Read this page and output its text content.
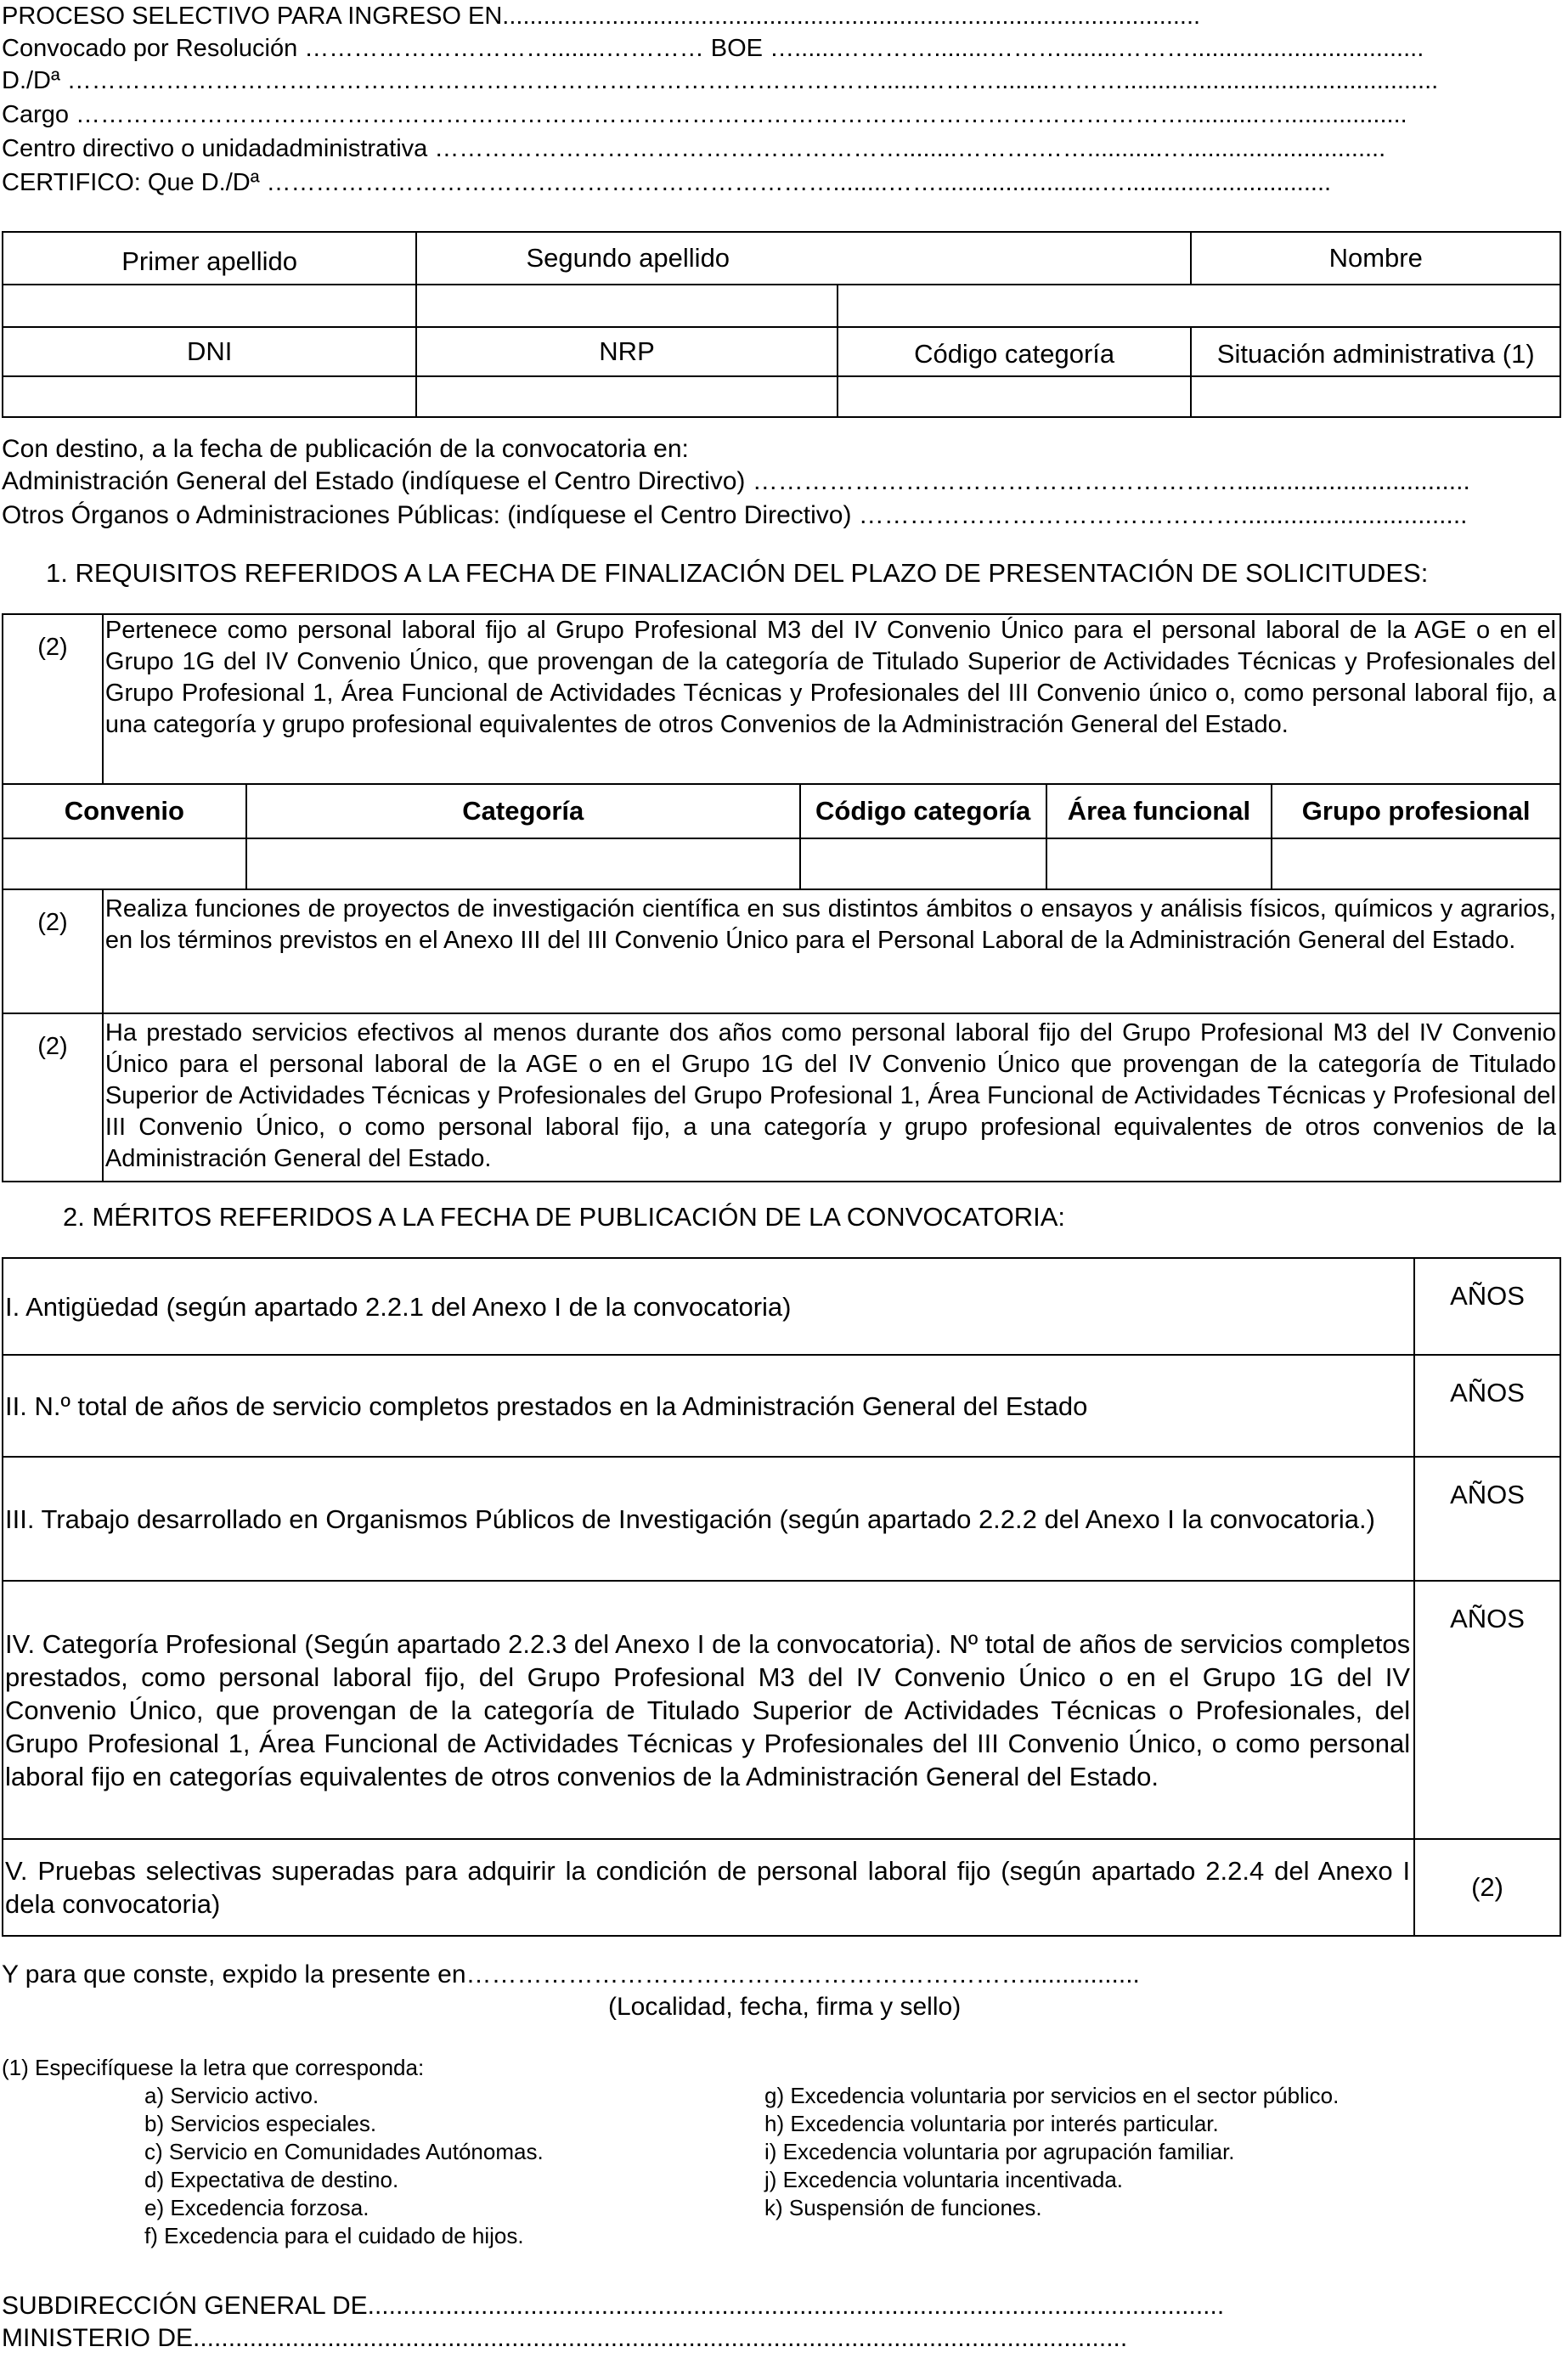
PROCESO SELECTIVO PARA INGRESO EN......................................................................................................
Convocado por Resolución …………………………........………… BOE …......…………........………........………..................................
D./Dª ………………………………………………………………………………………......………........………..............................................
Cargo ………………………………………………………………………………………………………………………...........…..................
Centro directivo o unidadadministrativa …………………………………………………........……….……...........….............................
CERTIFICO: Que D./Dª ……………………………………………………………........……........................…..............................
Primer apellido	Segundo apellido		Nombre

DNI	NRP	Código categoría	Situación administrativa (1)

Con destino, a la fecha de publicación de la convocatoria en:
Administración General del Estado (indíquese el Centro Directivo) ………………………………………………….................................
Otros Órganos o Administraciones Públicas: (indíquese el Centro Directivo) ………………………………………................................
1. REQUISITOS REFERIDOS A LA FECHA DE FINALIZACIÓN DEL PLAZO DE PRESENTACIÓN DE SOLICITUDES:
(2)	Pertenece como personal laboral fijo al Grupo Profesional M3 del IV Convenio Único para el personal laboral de la AGE o en el Grupo 1G del IV Convenio Único, que provengan de la categoría de Titulado Superior de Actividades Técnicas y Profesionales del Grupo Profesional 1, Área Funcional de Actividades Técnicas y Profesionales del III Convenio único o, como personal laboral fijo, a una categoría y grupo profesional equivalentes de otros Convenios de la Administración General del Estado.
Convenio	Categoría	Código categoría	Área funcional	Grupo profesional

(2)	Realiza funciones de proyectos de investigación científica en sus distintos ámbitos o ensayos y análisis físicos, químicos y agrarios, en los términos previstos en el Anexo III del III Convenio Único para el Personal Laboral de la Administración General del Estado.
(2)	Ha prestado servicios efectivos al menos durante dos años como personal laboral fijo del Grupo Profesional M3 del IV Convenio Único para el personal laboral de la AGE o en el Grupo 1G del IV Convenio Único que provengan de la categoría de Titulado Superior de Actividades Técnicas y Profesionales del Grupo Profesional 1, Área Funcional de Actividades Técnicas y Profesional del III Convenio Único, o como personal laboral fijo, a una categoría y grupo profesional equivalentes de otros convenios de la Administración General del Estado.
2. MÉRITOS REFERIDOS A LA FECHA DE PUBLICACIÓN DE LA CONVOCATORIA:
I. Antigüedad (según apartado 2.2.1 del Anexo I de la convocatoria)	AÑOS
II. N.º total de años de servicio completos prestados en la Administración General del Estado	AÑOS
III. Trabajo desarrollado en Organismos Públicos de Investigación (según apartado 2.2.2 del Anexo I la convocatoria.)	AÑOS
IV. Categoría Profesional (Según apartado 2.2.3 del Anexo I de la convocatoria). Nº total de años de servicios completos prestados, como personal laboral fijo, del Grupo Profesional M3 del IV Convenio Único o en el Grupo 1G del IV Convenio Único, que provengan de la categoría de Titulado Superior de Actividades Técnicas o Profesionales, del Grupo Profesional 1, Área Funcional de Actividades Técnicas y Profesionales del III Convenio Único, o como personal laboral fijo en categorías equivalentes de otros convenios de la Administración General del Estado.	AÑOS
V. Pruebas selectivas superadas para adquirir la condición de personal laboral fijo (según apartado 2.2.4 del Anexo I dela convocatoria)	(2)
Y para que conste, expido la presente en…………………………………………………………................
(Localidad, fecha, firma y sello)
(1) Especifíquese la letra que corresponda:
a) Servicio activo.
b) Servicios especiales.
c) Servicio en Comunidades Autónomas.
d) Expectativa de destino.
e) Excedencia forzosa.
f) Excedencia para el cuidado de hijos.
g) Excedencia voluntaria por servicios en el sector público.
h) Excedencia voluntaria por interés particular.
i) Excedencia voluntaria por agrupación familiar.
j) Excedencia voluntaria incentivada.
k) Suspensión de funciones.
SUBDIRECCIÓN GENERAL DE.........................................................................................................................
MINISTERIO DE....................................................................................................................................
